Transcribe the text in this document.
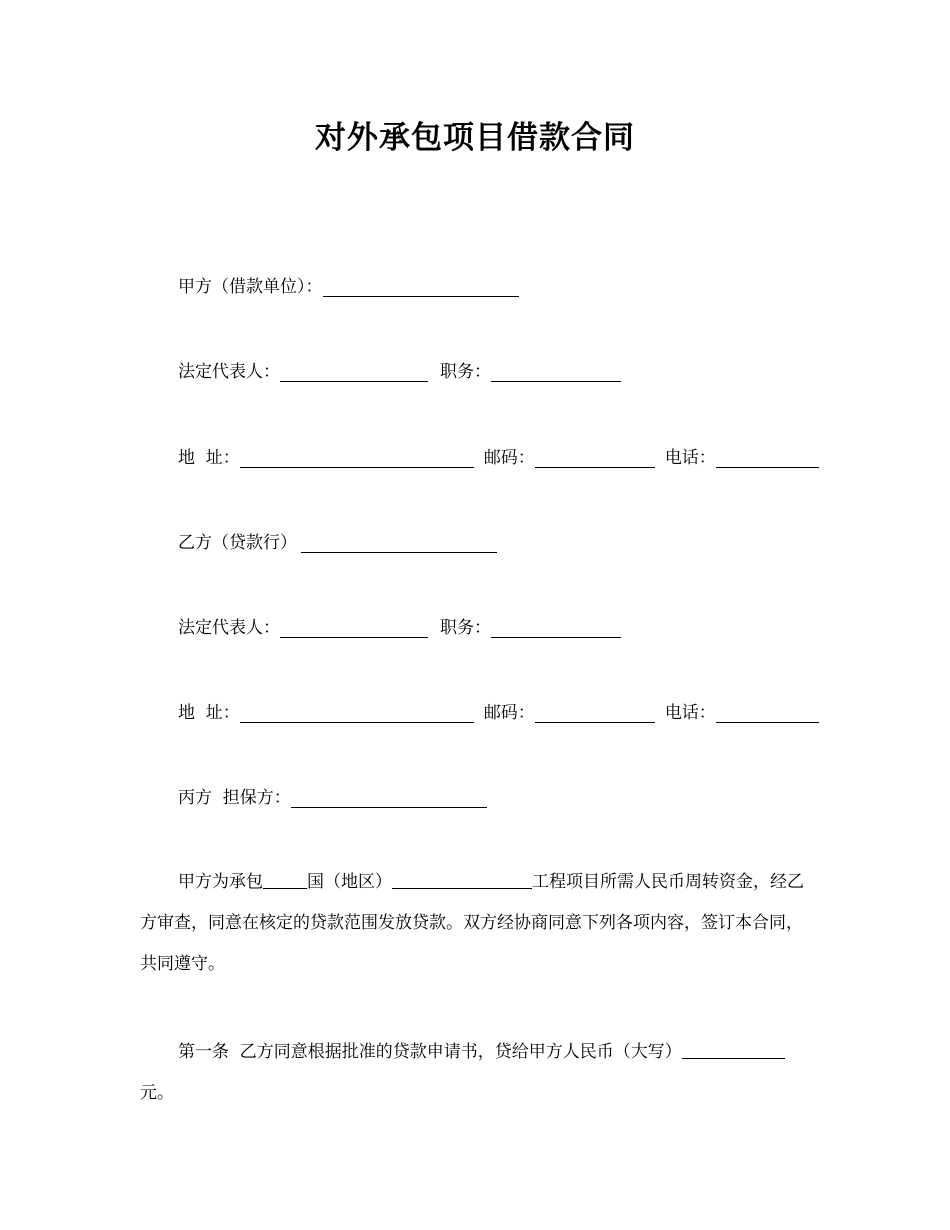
对外承包项目借款合同
甲方（借款单位）：
法定代表人：	职务：
地  址：	邮码：	电话：
乙方（贷款行）
法定代表人：	职务：
地  址：	邮码：	电话：
丙方  担保方：
甲方为承包	国（地区）	工程项目所需人民币周转资金，经乙方审查，同意在核定的贷款范围发放贷款。双方经协商同意下列各项内容，签订本合同，共同遵守。
第一条  乙方同意根据批准的贷款申请书，贷给甲方人民币（大写）元。
